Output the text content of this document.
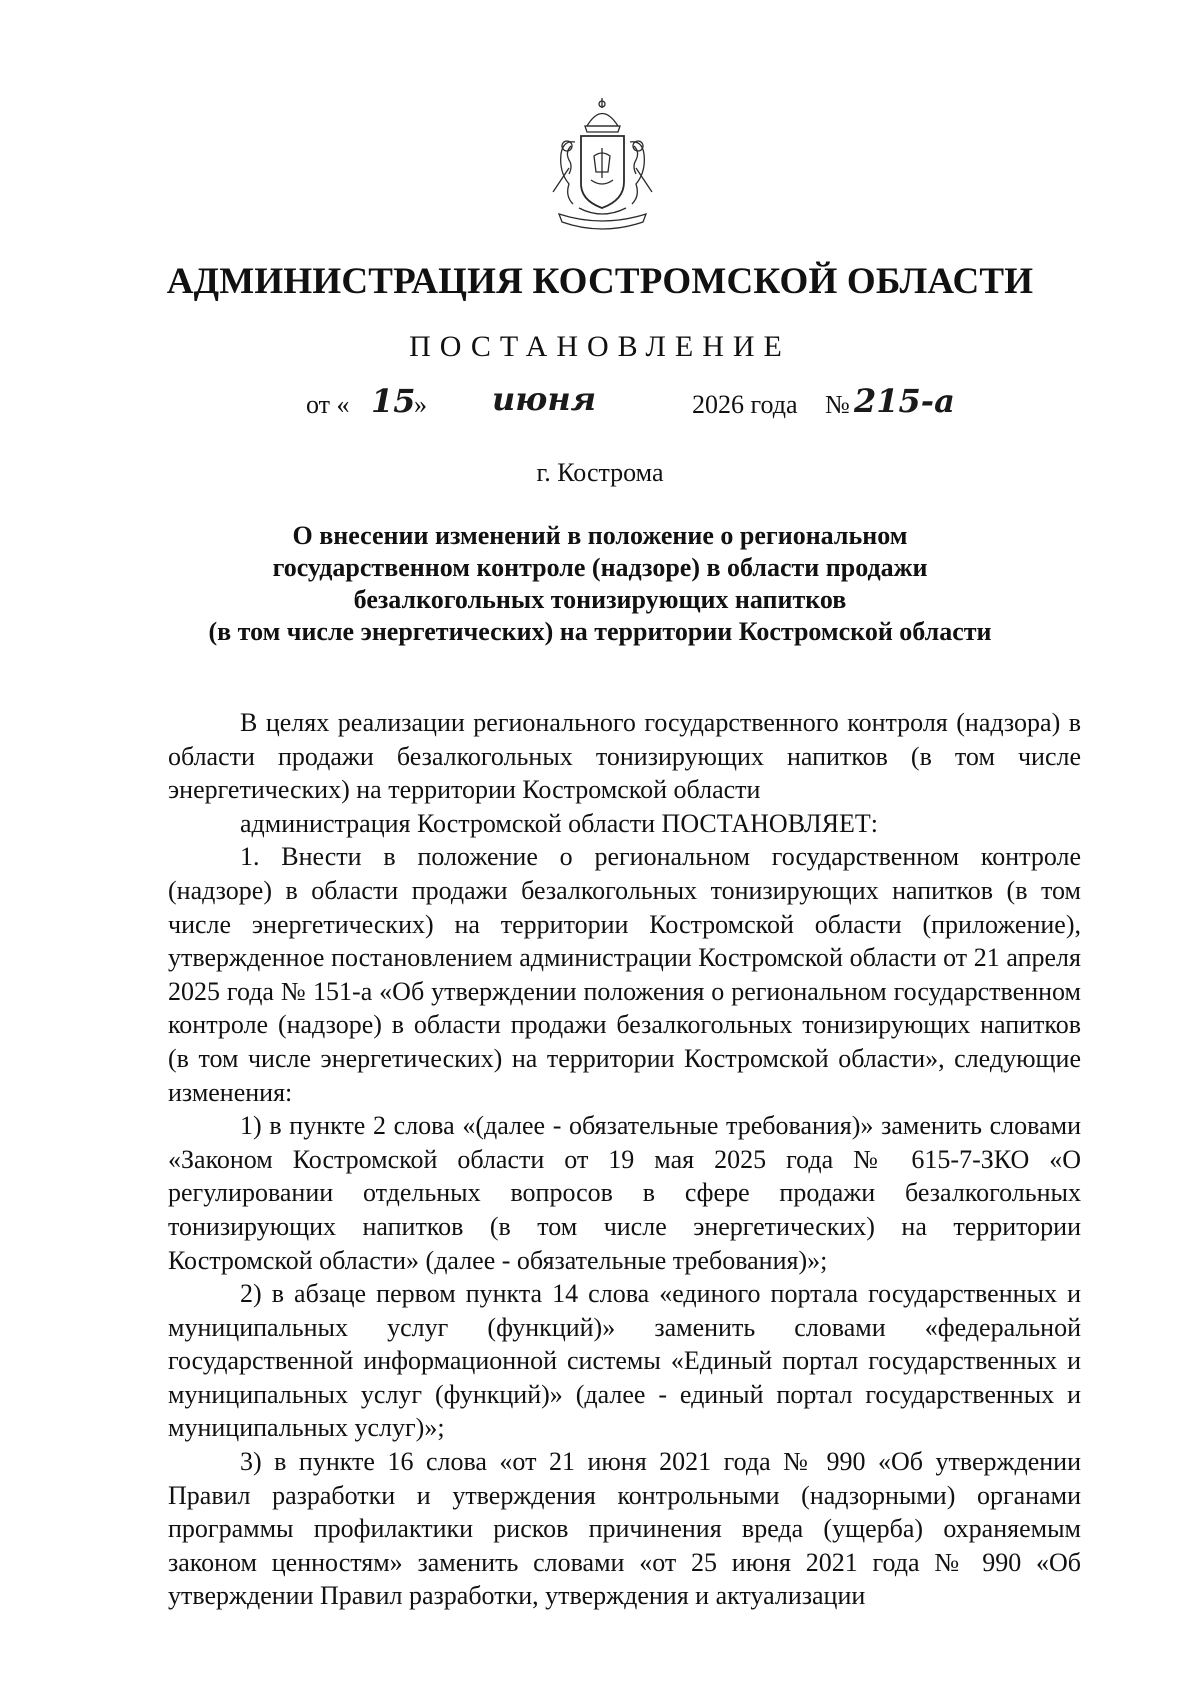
АДМИНИСТРАЦИЯ КОСТРОМСКОЙ ОБЛАСТИ
ПОСТАНОВЛЕНИЕ
от « 15
» июня	2026 года № 215-а
г. Кострома
О внесении изменений в положение о региональном
государственном контроле (надзоре) в области продажи
безалкогольных тонизирующих напитков
(в том числе энергетических) на территории Костромской области

В целях реализации регионального государственного контроля (надзора) в области продажи безалкогольных тонизирующих напитков (в том числе энергетических) на территории Костромской области

администрация Костромской области ПОСТАНОВЛЯЕТ:

1. Внести в положение о региональном государственном контроле (надзоре) в области продажи безалкогольных тонизирующих напитков (в том числе энергетических) на территории Костромской области (приложение), утвержденное постановлением администрации Костромской области от 21 апреля 2025 года № 151-а «Об утверждении положения о региональном государственном контроле (надзоре) в области продажи безалкогольных тонизирующих напитков (в том числе энергетических) на территории Костромской области», следующие изменения:

1) в пункте 2 слова «(далее - обязательные требования)» заменить словами «Законом Костромской области от 19 мая 2025 года № 615-7-ЗКО «О регулировании отдельных вопросов в сфере продажи безалкогольных тонизирующих напитков (в том числе энергетических) на территории Костромской области» (далее - обязательные требования)»;

2) в абзаце первом пункта 14 слова «единого портала государственных и муниципальных услуг (функций)» заменить словами «федеральной государственной информационной системы «Единый портал государственных и муниципальных услуг (функций)» (далее - единый портал государственных и муниципальных услуг)»;

3) в пункте 16 слова «от 21 июня 2021 года № 990 «Об утверждении Правил разработки и утверждения контрольными (надзорными) органами программы профилактики рисков причинения вреда (ущерба) охраняемым законом ценностям» заменить словами «от 25 июня 2021 года № 990 «Об утверждении Правил разработки, утверждения и актуализации
